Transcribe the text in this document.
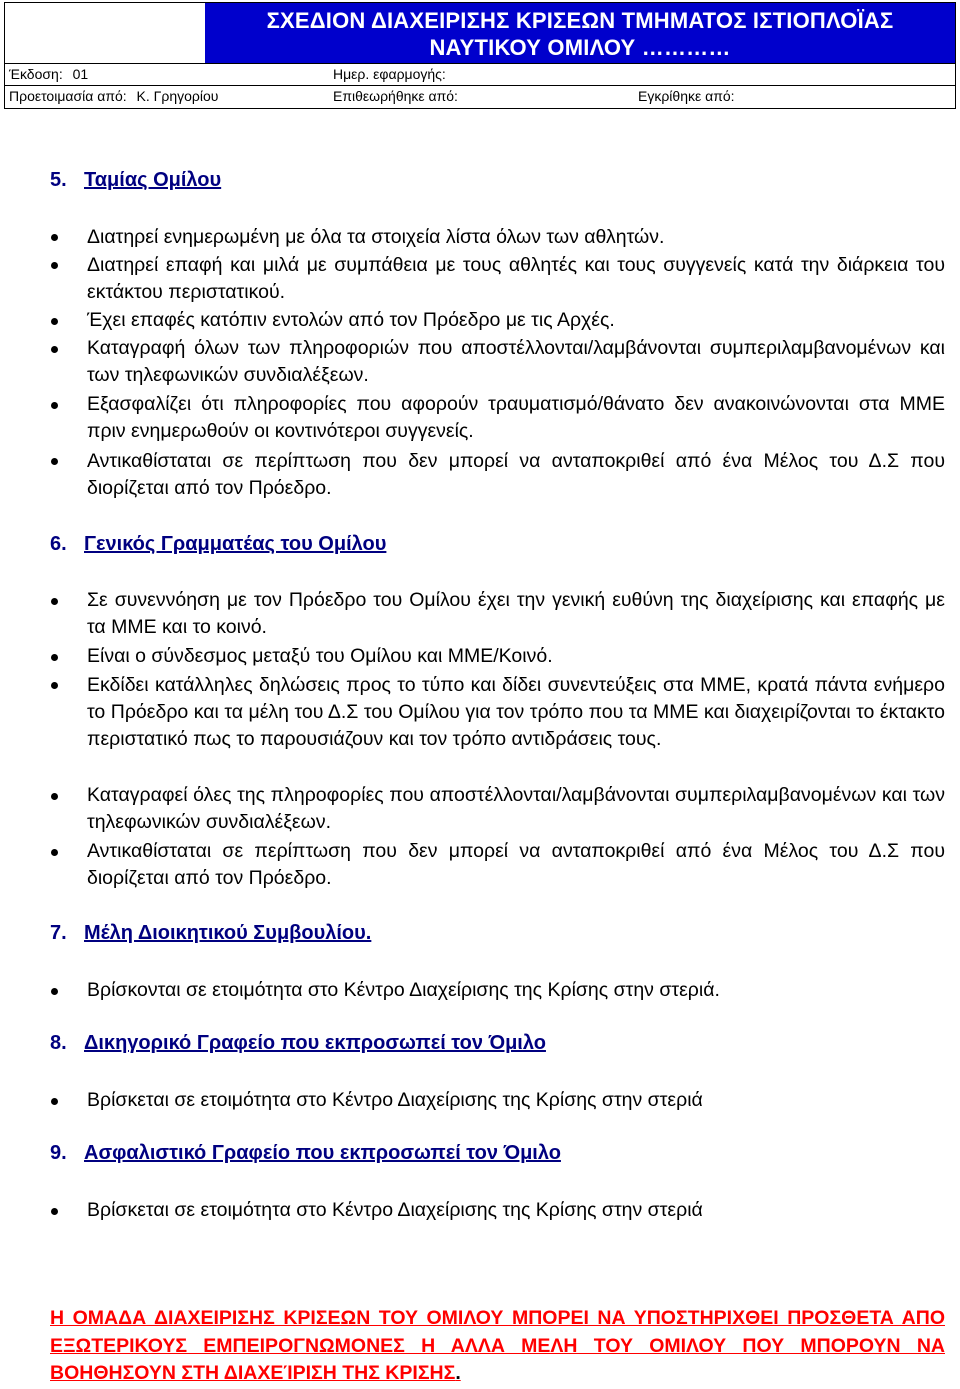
ΣΧΕΔΙΟΝ ΔΙΑΧΕΙΡΙΣΗΣ ΚΡΙΣΕΩΝ ΤΜΗΜΑΤΟΣ ΙΣΤΙΟΠΛΟΪΑΣ
ΝΑΥΤΙΚΟΥ ΟΜΙΛΟΥ …………
Έκδοση: 01	Ημερ. εφαρμογής:
Προετοιμασία από: Κ. Γρηγορίου	Επιθεωρήθηκε από:	Εγκρίθηκε από:
5. Ταμίας Ομίλου
Διατηρεί ενημερωμένη με όλα τα στοιχεία λίστα όλων των αθλητών.
Διατηρεί επαφή και μιλά με συμπάθεια με τους αθλητές και τους συγγενείς κατά την διάρκεια του εκτάκτου περιστατικού.
Έχει επαφές κατόπιν εντολών από τον Πρόεδρο με τις Αρχές.
Καταγραφή όλων των πληροφοριών που αποστέλλονται/λαμβάνονται συμπεριλαμβανομένων και των τηλεφωνικών συνδιαλέξεων.
Εξασφαλίζει ότι πληροφορίες που αφορούν τραυματισμό/θάνατο δεν ανακοινώνονται στα ΜΜΕ πριν ενημερωθούν οι κοντινότεροι συγγενείς.
Αντικαθίσταται σε περίπτωση που δεν μπορεί να ανταποκριθεί από ένα Μέλος του Δ.Σ που διορίζεται από τον Πρόεδρο.
6. Γενικός Γραμματέας του Ομίλου
Σε συνεννόηση με τον Πρόεδρο του Ομίλου έχει την γενική ευθύνη της διαχείρισης και επαφής με τα ΜΜΕ και το κοινό.
Είναι ο σύνδεσμος μεταξύ του Ομίλου και ΜΜΕ/Κοινό.
Εκδίδει κατάλληλες δηλώσεις προς το τύπο και δίδει συνεντεύξεις στα ΜΜΕ, κρατά πάντα ενήμερο το Πρόεδρο και τα μέλη του Δ.Σ του Ομίλου για τον τρόπο που τα ΜΜΕ και διαχειρίζονται το έκτακτο περιστατικό πως το παρουσιάζουν και τον τρόπο αντιδράσεις τους.
Καταγραφεί όλες της πληροφορίες που αποστέλλονται/λαμβάνονται συμπεριλαμβανομένων και των τηλεφωνικών συνδιαλέξεων.
Αντικαθίσταται σε περίπτωση που δεν μπορεί να ανταποκριθεί από ένα Μέλος του Δ.Σ που διορίζεται από τον Πρόεδρο.
7. Μέλη Διοικητικού Συμβουλίου.
Βρίσκονται σε ετοιμότητα στο Κέντρο Διαχείρισης της Κρίσης στην στεριά.
8. Δικηγορικό Γραφείο που εκπροσωπεί τον Όμιλο
Βρίσκεται σε ετοιμότητα στο Κέντρο Διαχείρισης της Κρίσης στην στεριά
9. Ασφαλιστικό Γραφείο που εκπροσωπεί τον Όμιλο
Βρίσκεται σε ετοιμότητα στο Κέντρο Διαχείρισης της Κρίσης στην στεριά
Η ΟΜΑΔΑ ΔΙΑΧΕΙΡΙΣΗΣ ΚΡΙΣΕΩΝ ΤΟΥ ΟΜΙΛΟΥ ΜΠΟΡΕΙ ΝΑ ΥΠΟΣΤΗΡΙΧΘΕΙ ΠΡΟΣΘΕΤΑ ΑΠΟ ΕΞΩΤΕΡΙΚΟΥΣ ΕΜΠΕΙΡΟΓΝΩΜΟΝΕΣ Η ΑΛΛΑ ΜΕΛΗ ΤΟΥ ΟΜΙΛΟΥ ΠΟΥ ΜΠΟΡΟΥΝ ΝΑ ΒΟΗΘΗΣΟΥΝ ΣΤΗ ΔΙΑΧΕΊΡΙΣΗ ΤΗΣ ΚΡΙΣΗΣ.
